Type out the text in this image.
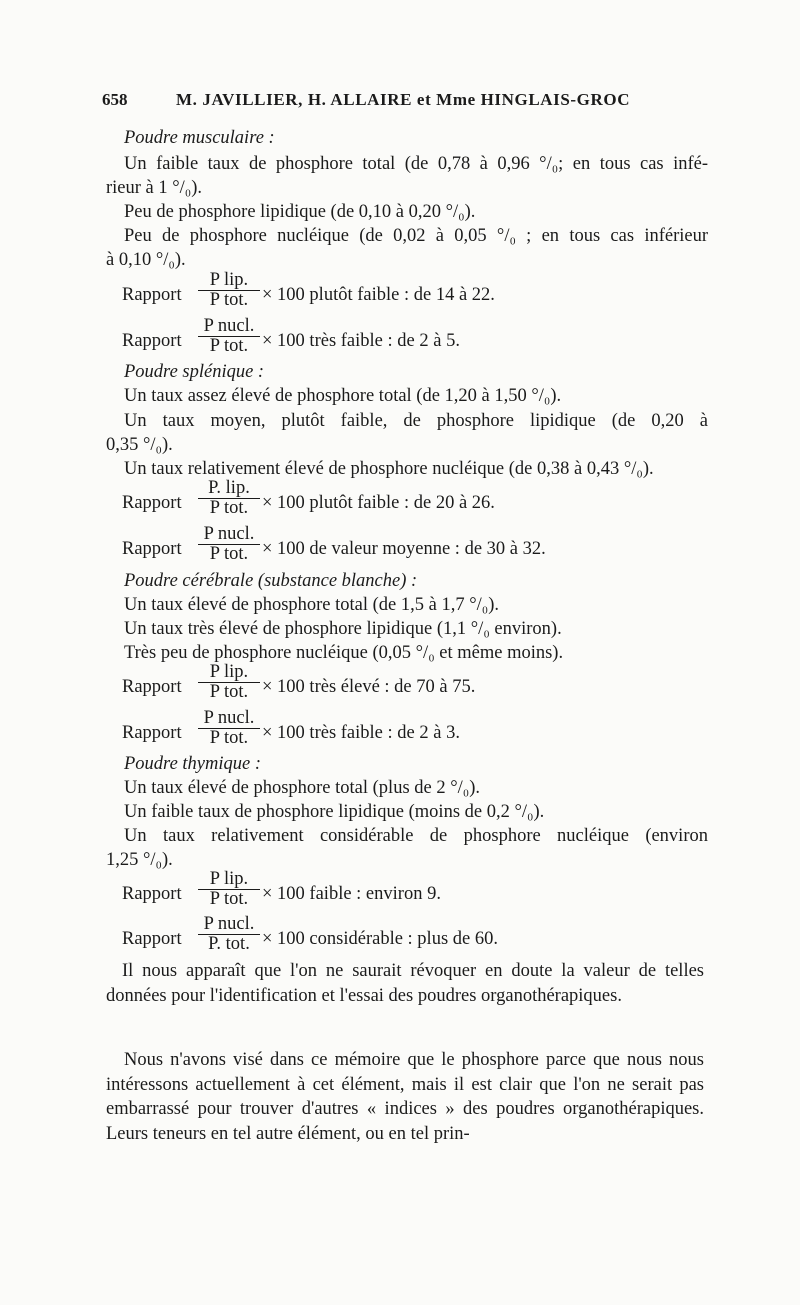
658	M. JAVILLIER, H. ALLAIRE et Mme HINGLAIS-GROC
Poudre musculaire :
Un faible taux de phosphore total (de 0,78 à 0,96 °/₀; en tous cas infé-
rieur à 1 °/₀).
Peu de phosphore lipidique (de 0,10 à 0,20 °/₀).
Peu de phosphore nucléique (de 0,02 à 0,05 °/₀ ; en tous cas inférieur
à 0,10 °/₀).
Rapport
P lip.
P tot. × 100 plutôt faible : de 14 à 22.
Rapport
P nucl.
P tot. × 100 très faible : de 2 à 5.
Poudre splénique :
Un taux assez élevé de phosphore total (de 1,20 à 1,50 °/₀).
Un taux moyen, plutôt faible, de phosphore lipidique (de 0,20 à
0,35 °/₀).
Un taux relativement élevé de phosphore nucléique (de 0,38 à 0,43 °/₀).
Rapport
P. lip.
P tot. × 100 plutôt faible : de 20 à 26.
Rapport
P nucl.
P tot. × 100 de valeur moyenne : de 30 à 32.
Poudre cérébrale (substance blanche) :
Un taux élevé de phosphore total (de 1,5 à 1,7 °/₀).
Un taux très élevé de phosphore lipidique (1,1 °/₀ environ).
Très peu de phosphore nucléique (0,05 °/₀ et même moins).
Rapport
P lip.
P tot. × 100 très élevé : de 70 à 75.
Rapport
P nucl.
P tot. × 100 très faible : de 2 à 3.
Poudre thymique :
Un taux élevé de phosphore total (plus de 2 °/₀).
Un faible taux de phosphore lipidique (moins de 0,2 °/₀).
Un taux relativement considérable de phosphore nucléique (environ
1,25 °/₀).
Rapport
P lip.
P tot. × 100 faible : environ 9.
Rapport
P nucl.
P. tot. × 100 considérable : plus de 60.
Il nous apparaît que l'on ne saurait révoquer en doute la valeur de telles données pour l'identification et l'essai des poudres organothérapiques.
Nous n'avons visé dans ce mémoire que le phosphore parce que nous nous intéressons actuellement à cet élément, mais il est clair que l'on ne serait pas embarrassé pour trouver d'autres « indices » des poudres organothérapiques. Leurs teneurs en tel autre élément, ou en tel prin-
